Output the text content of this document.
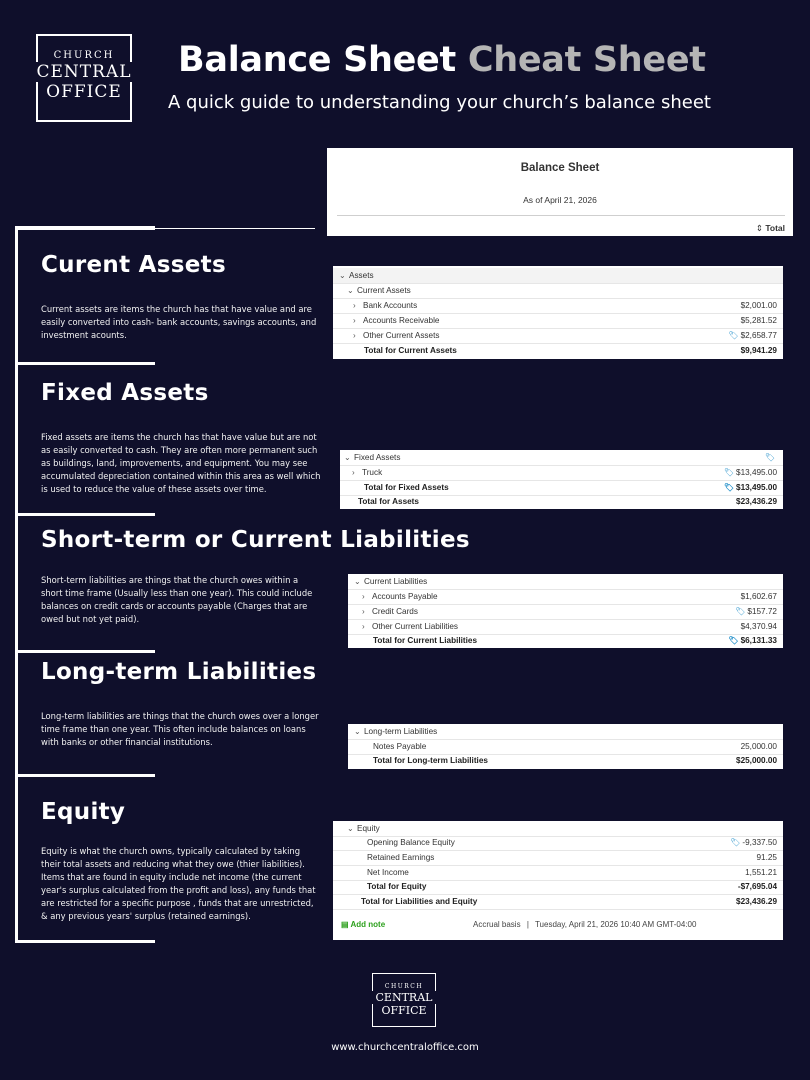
CHURCH
CENTRAL
OFFICE
Balance Sheet Cheat Sheet
A quick guide to understanding your church’s balance sheet
Curent Assets
Current assets are items the church has that have value and are easily converted into cash- bank accounts, savings accounts, and investment acounts.
Fixed Assets
Fixed assets are items the church has that have value but are not as easily converted to cash. They are often more permanent such as buildings, land, improvements, and equipment. You may see accumulated depreciation contained within this area as well which is used to reduce the value of these assets over time.
Short-term or Current Liabilities
Short-term liabilities are things that the church owes within a short time frame (Usually less than one year). This could include balances on credit cards or accounts payable (Charges that are owed but not yet paid).
Long-term Liabilities
Long-term liabilities are things that the church owes over a longer time frame than one year. This often include balances on loans with banks or other financial institutions.
Equity
Equity is what the church owns, typically calculated by taking their total assets and reducing what they owe (thier liabilities). Items that are found in equity include net income (the current year's surplus calculated from the profit and loss), any funds that are restricted for a specific purpose , funds that are unrestricted, & any previous years' surplus (retained earnings).
Balance Sheet
As of April 21, 2026
⇕ Total
⌄ Assets
⌄ Current Assets
› Bank Accounts	$2,001.00
› Accounts Receivable	$5,281.52
› Other Current Assets	🏷 $2,658.77
Total for Current Assets	$9,941.29
⌄ Fixed Assets	🏷
› Truck	🏷 $13,495.00
Total for Fixed Assets	🏷 $13,495.00
Total for Assets	$23,436.29
⌄ Current Liabilities
› Accounts Payable	$1,602.67
› Credit Cards	🏷 $157.72
› Other Current Liabilities	$4,370.94
Total for Current Liabilities	🏷 $6,131.33
⌄ Long-term Liabilities
Notes Payable	25,000.00
Total for Long-term Liabilities	$25,000.00
⌄ Equity
Opening Balance Equity	🏷 -9,337.50
Retained Earnings	91.25
Net Income	1,551.21
Total for Equity	-$7,695.04
Total for Liabilities and Equity	$23,436.29
▤ Add note	Accrual basis | Tuesday, April 21, 2026 10:40 AM GMT-04:00
CHURCH
CENTRAL
OFFICE
www.churchcentraloffice.com
